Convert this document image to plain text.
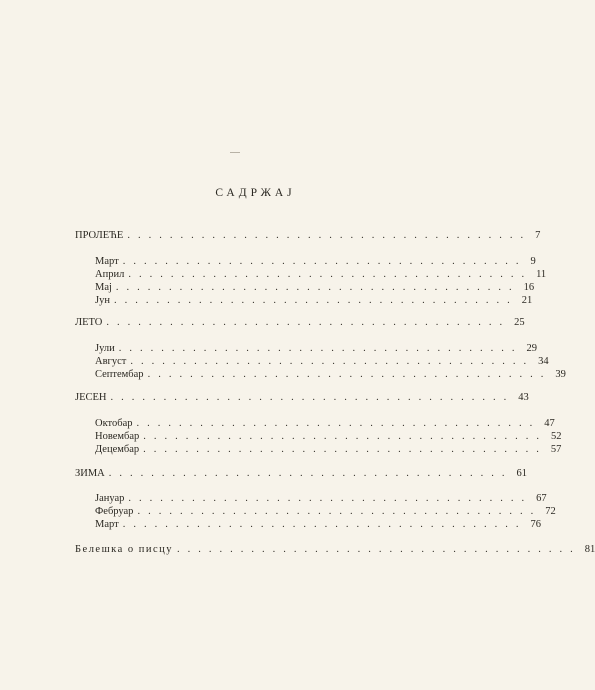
САДРЖАЈ
ПРОЛЕЋЕ ...................................... 7
Март ...................................... 9
Април ...................................... 11
Мај ...................................... 16
Јун ...................................... 21
ЛЕТО ...................................... 25
Јули ...................................... 29
Август ...................................... 34
Септембар ...................................... 39
ЈЕСЕН ...................................... 43
Октобар ...................................... 47
Новембар ...................................... 52
Децембар ...................................... 57
ЗИМА ...................................... 61
Јануар ...................................... 67
Фебруар ...................................... 72
Март ...................................... 76
Белешка о писцу ...................................... 81
